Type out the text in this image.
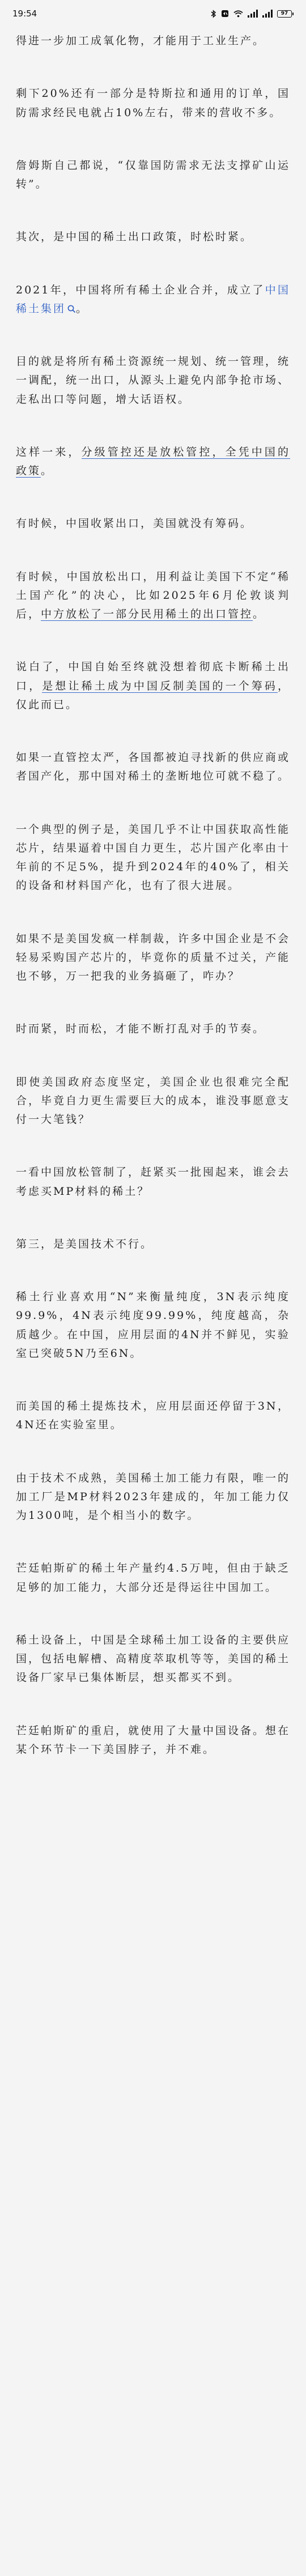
19:54	97

得进一步加工成氧化物，才能用于工业生产。

剩下20%还有一部分是特斯拉和通用的订单，国防需求经民电就占10%左右，带来的营收不多。

詹姆斯自己都说，“仅靠国防需求无法支撑矿山运转”。

其次，是中国的稀土出口政策，时松时紧。

2021年，中国将所有稀土企业合并，成立了中国稀土集团 。

目的就是将所有稀土资源统一规划、统一管理，统一调配，统一出口，从源头上避免内部争抢市场、走私出口等问题，增大话语权。

这样一来，分级管控还是放松管控，全凭中国的政策。

有时候，中国收紧出口，美国就没有筹码。

有时候，中国放松出口，用利益让美国下不定“稀土国产化”的决心，比如2025年6月伦敦谈判后，中方放松了一部分民用稀土的出口管控。

说白了，中国自始至终就没想着彻底卡断稀土出口，是想让稀土成为中国反制美国的一个筹码，仅此而已。

如果一直管控太严，各国都被迫寻找新的供应商或者国产化，那中国对稀土的垄断地位可就不稳了。

一个典型的例子是，美国几乎不让中国获取高性能芯片，结果逼着中国自力更生，芯片国产化率由十年前的不足5%，提升到2024年的40%了，相关的设备和材料国产化，也有了很大进展。

如果不是美国发疯一样制裁，许多中国企业是不会轻易采购国产芯片的，毕竟你的质量不过关，产能也不够，万一把我的业务搞砸了，咋办？

时而紧，时而松，才能不断打乱对手的节奏。

即使美国政府态度坚定，美国企业也很难完全配合，毕竟自力更生需要巨大的成本，谁没事愿意支付一大笔钱？

一看中国放松管制了，赶紧买一批囤起来，谁会去考虑买MP材料的稀土？

第三，是美国技术不行。

稀土行业喜欢用“N”来衡量纯度，3N表示纯度99.9%，4N表示纯度99.99%，纯度越高，杂质越少。在中国，应用层面的4N并不鲜见，实验室已突破5N乃至6N。

而美国的稀土提炼技术，应用层面还停留于3N，4N还在实验室里。

由于技术不成熟，美国稀土加工能力有限，唯一的加工厂是MP材料2023年建成的，年加工能力仅为1300吨，是个相当小的数字。

芒廷帕斯矿的稀土年产量约4.5万吨，但由于缺乏足够的加工能力，大部分还是得运往中国加工。

稀土设备上，中国是全球稀土加工设备的主要供应国，包括电解槽、高精度萃取机等等，美国的稀土设备厂家早已集体断层，想买都买不到。

芒廷帕斯矿的重启，就使用了大量中国设备。想在某个环节卡一下美国脖子，并不难。
